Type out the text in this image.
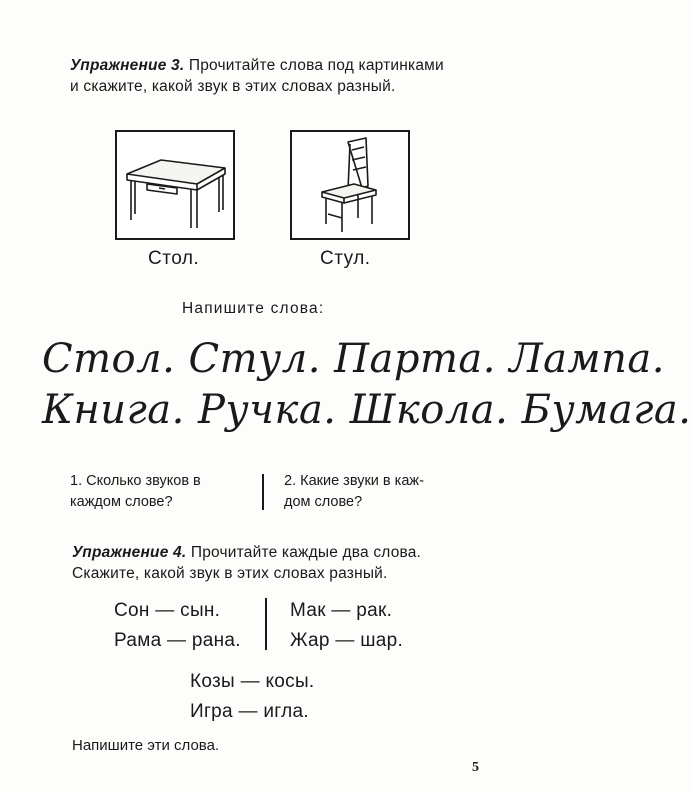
Упражнение 3. Прочитайте слова под картинками
и скажите, какой звук в этих словах разный.
Стол.	Стул.
Напишите слова:
Стол. Стул. Парта. Лампа.
Книга. Ручка. Школа. Бумага.
1. Сколько звуков в
каждом слове?
2. Какие звуки в каж-
дом слове?
Упражнение 4. Прочитайте каждые два слова.
Скажите, какой звук в этих словах разный.
Сон — сын.
Рама — рана.
Мак — рак.
Жар — шар.
Козы — косы.
Игра — игла.
Напишите эти слова.
5
